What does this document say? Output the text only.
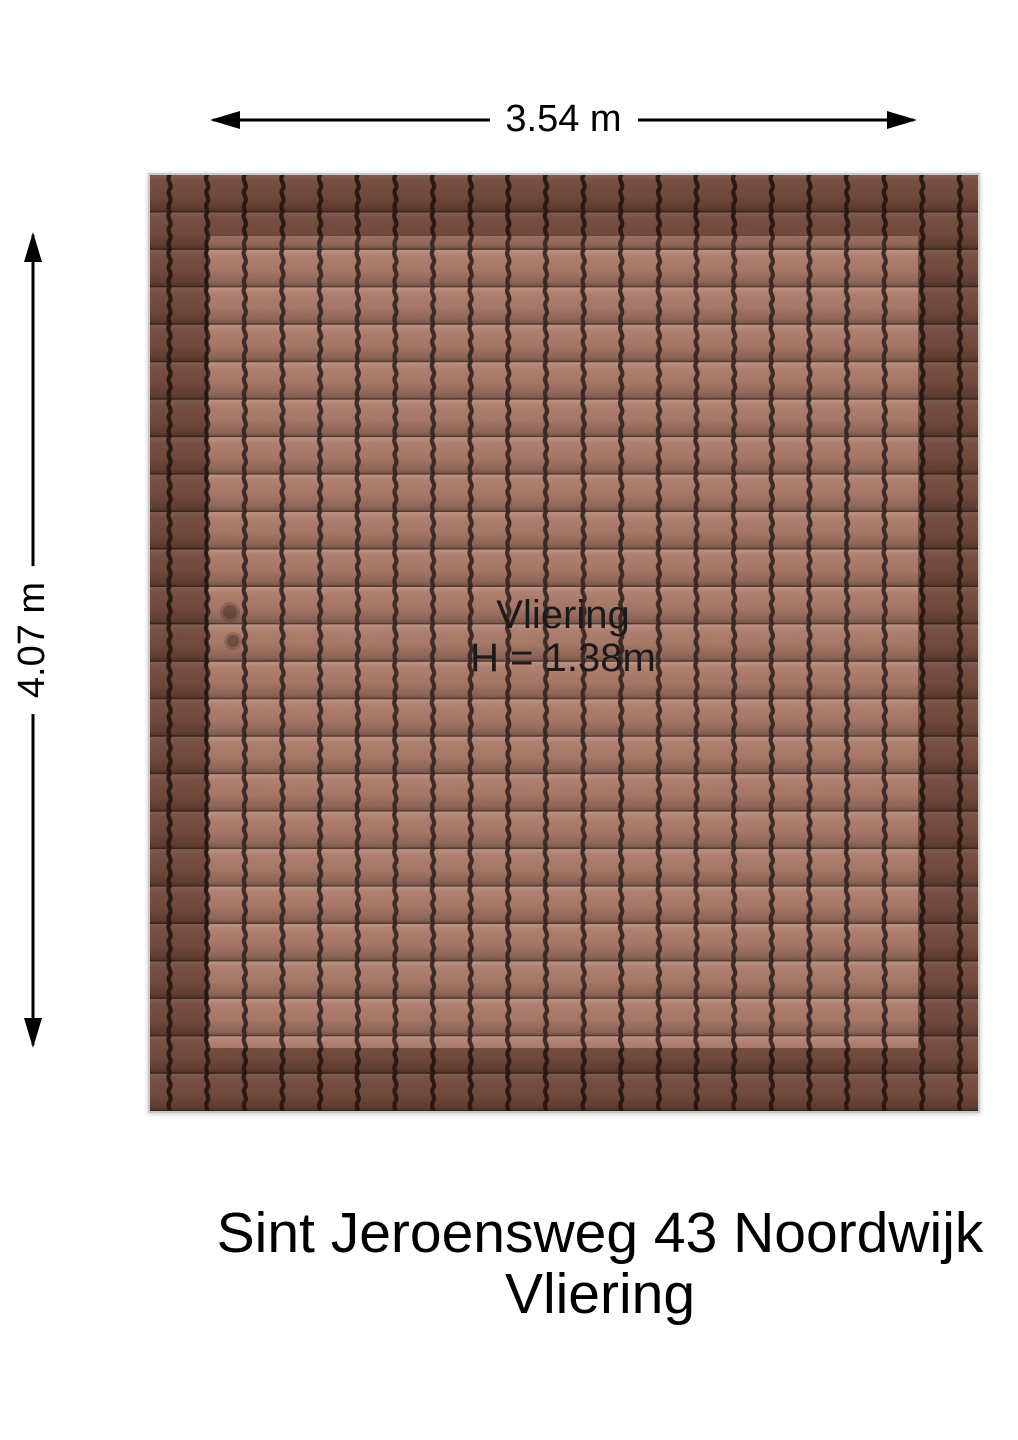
3.54 m
4.07 m	Vliering
H = 1.38m
Sint Jeroensweg 43 Noordwijk
Vliering
